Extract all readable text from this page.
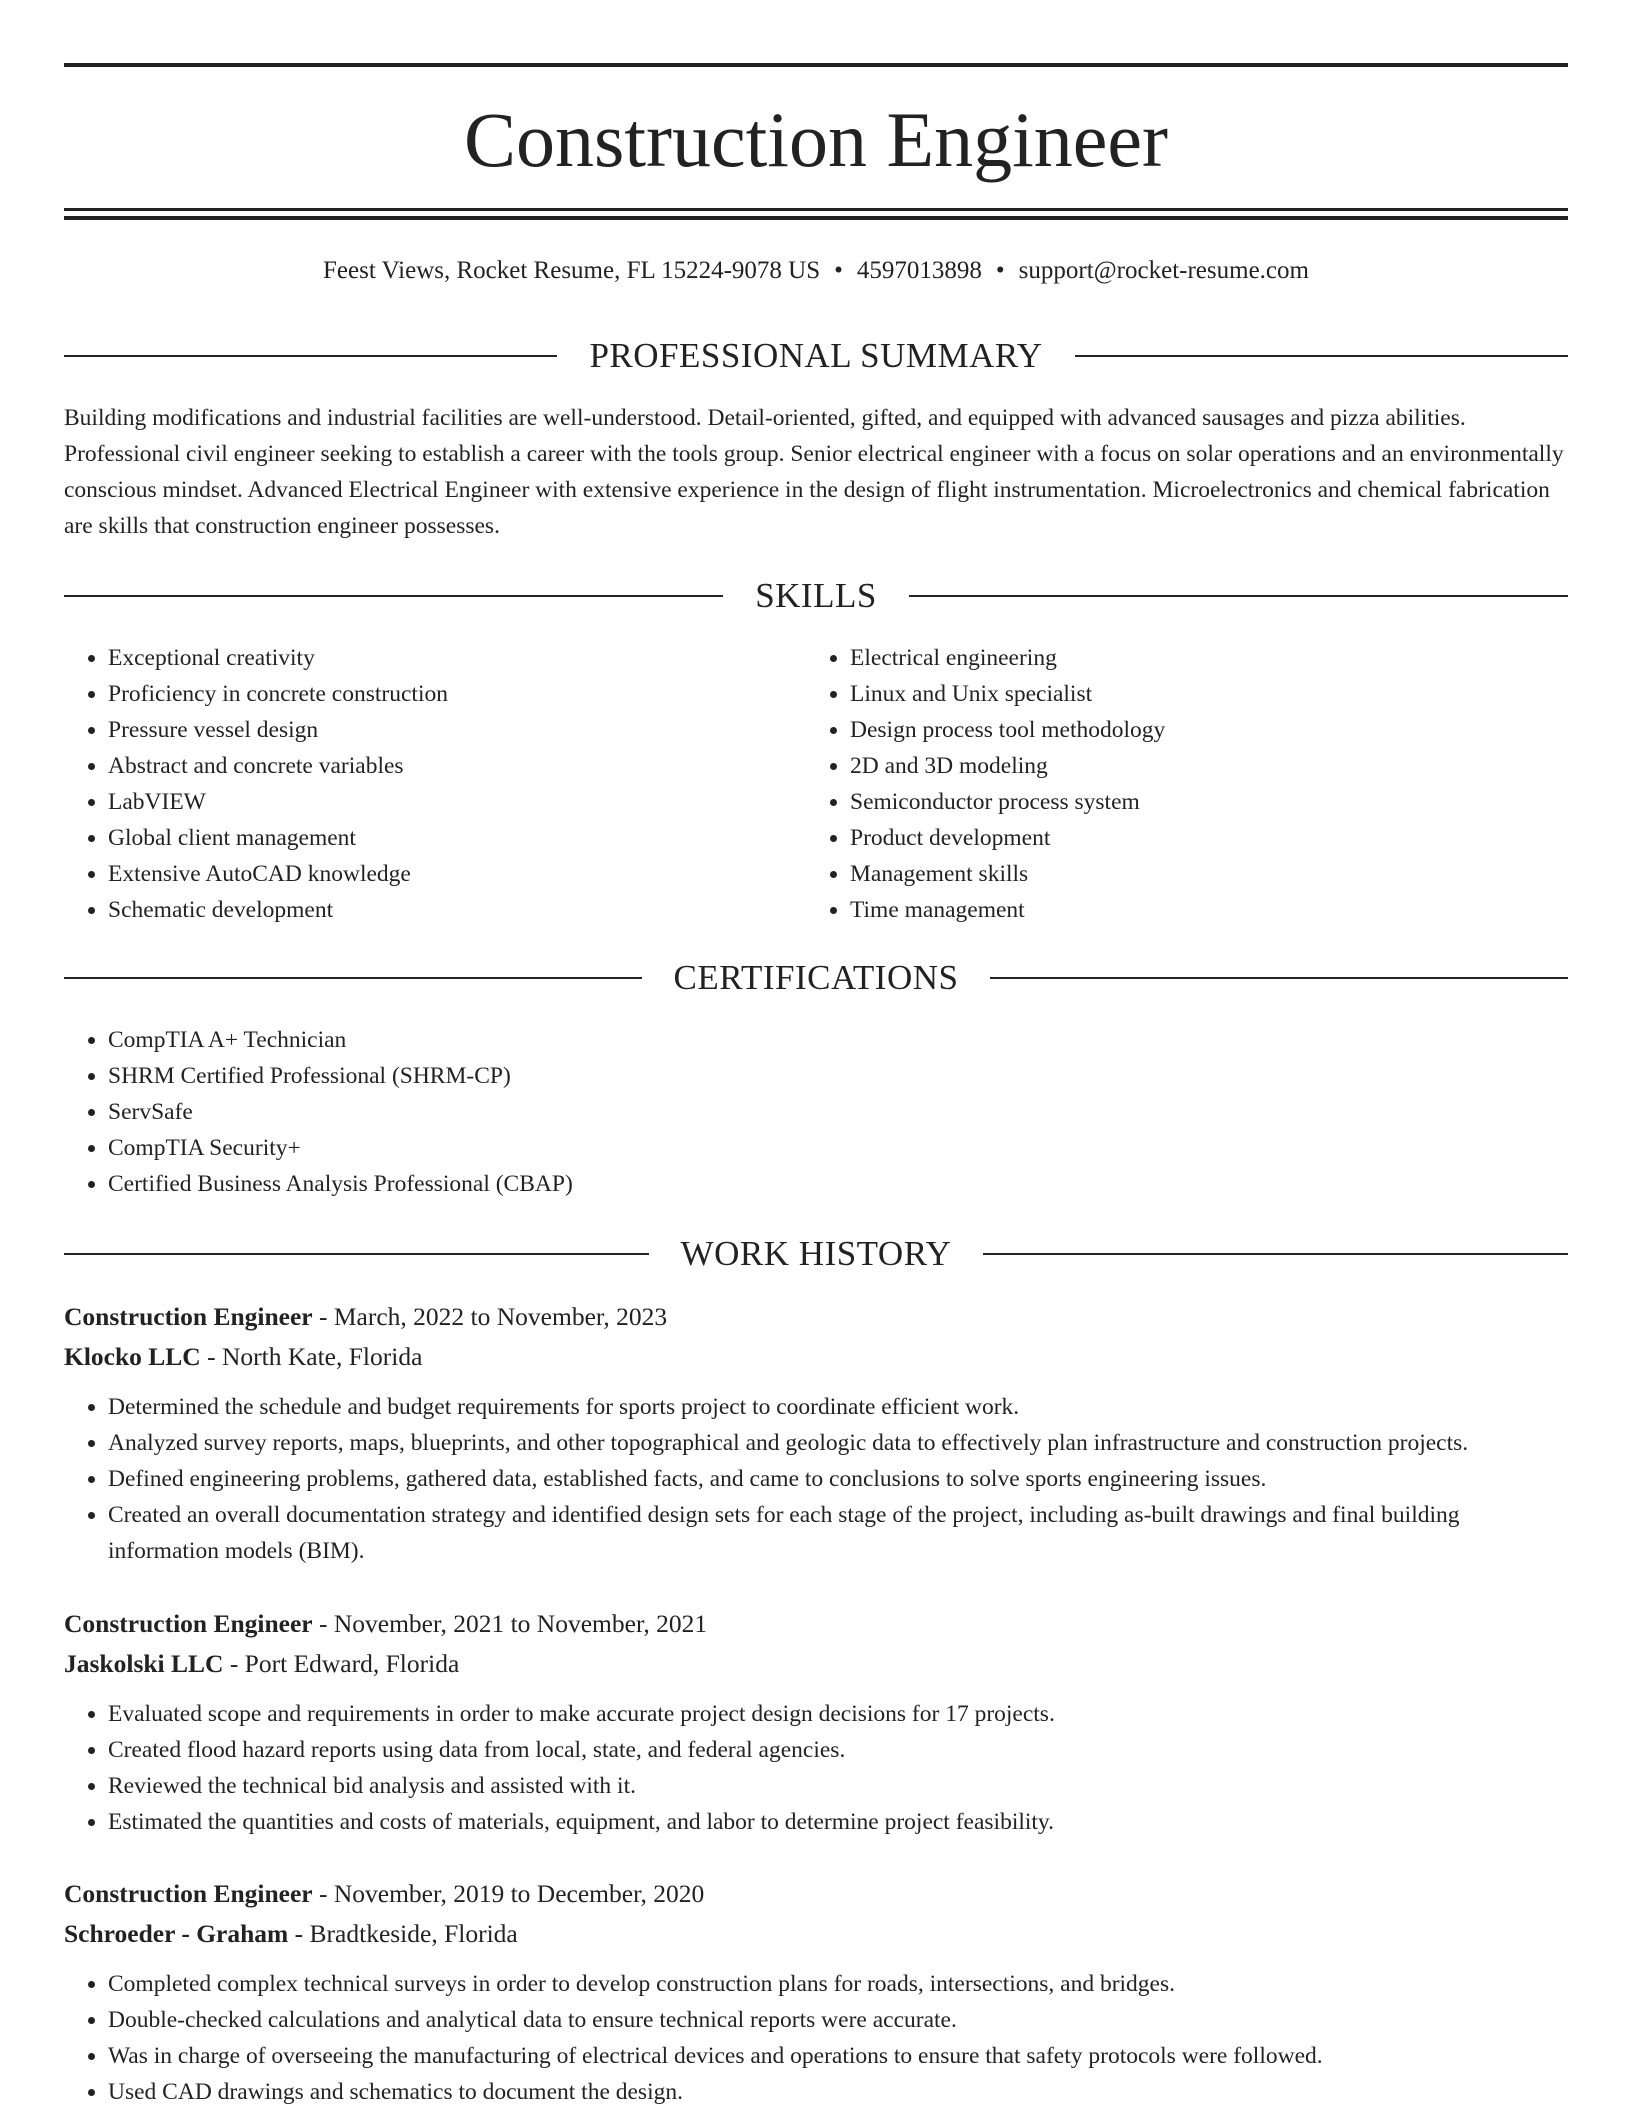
Construction Engineer
Feest Views, Rocket Resume, FL 15224-9078 US • 4597013898 • support@rocket-resume.com
PROFESSIONAL SUMMARY

Building modifications and industrial facilities are well-understood. Detail-oriented, gifted, and equipped with advanced sausages and pizza abilities. Professional civil engineer seeking to establish a career with the tools group. Senior electrical engineer with a focus on solar operations and an environmentally conscious mindset. Advanced Electrical Engineer with extensive experience in the design of flight instrumentation. Microelectronics and chemical fabrication are skills that construction engineer possesses.

SKILLS
• Exceptional creativity
• Proficiency in concrete construction
• Pressure vessel design
• Abstract and concrete variables
• LabVIEW
• Global client management
• Extensive AutoCAD knowledge
• Schematic development
• Electrical engineering
• Linux and Unix specialist
• Design process tool methodology
• 2D and 3D modeling
• Semiconductor process system
• Product development
• Management skills
• Time management
CERTIFICATIONS
• CompTIA A+ Technician
• SHRM Certified Professional (SHRM-CP)
• ServSafe
• CompTIA Security+
• Certified Business Analysis Professional (CBAP)
WORK HISTORY
Construction Engineer - March, 2022 to November, 2023
Klocko LLC - North Kate, Florida
• Determined the schedule and budget requirements for sports project to coordinate efficient work.
• Analyzed survey reports, maps, blueprints, and other topographical and geologic data to effectively plan infrastructure and construction projects.
• Defined engineering problems, gathered data, established facts, and came to conclusions to solve sports engineering issues.
• Created an overall documentation strategy and identified design sets for each stage of the project, including as-built drawings and final building information models (BIM).
Construction Engineer - November, 2021 to November, 2021
Jaskolski LLC - Port Edward, Florida
• Evaluated scope and requirements in order to make accurate project design decisions for 17 projects.
• Created flood hazard reports using data from local, state, and federal agencies.
• Reviewed the technical bid analysis and assisted with it.
• Estimated the quantities and costs of materials, equipment, and labor to determine project feasibility.
Construction Engineer - November, 2019 to December, 2020
Schroeder - Graham - Bradtkeside, Florida
• Completed complex technical surveys in order to develop construction plans for roads, intersections, and bridges.
• Double-checked calculations and analytical data to ensure technical reports were accurate.
• Was in charge of overseeing the manufacturing of electrical devices and operations to ensure that safety protocols were followed.
• Used CAD drawings and schematics to document the design.
